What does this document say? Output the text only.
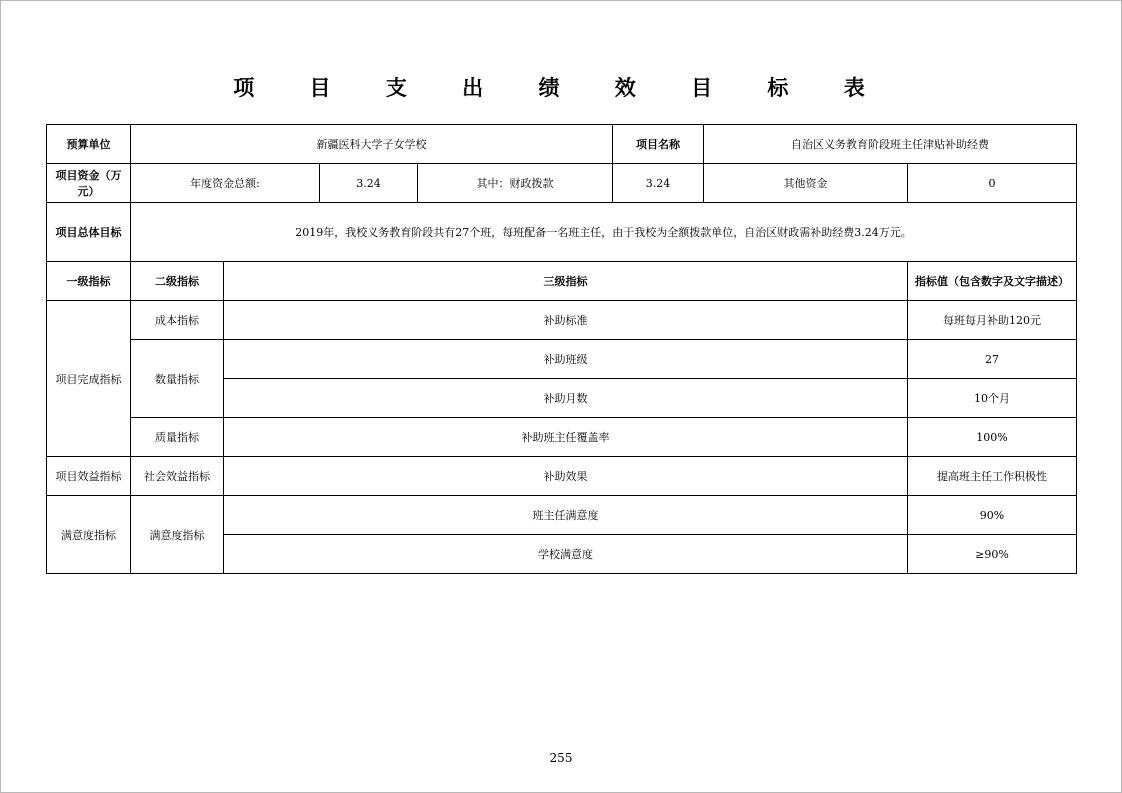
项 目 支 出 绩 效 目 标 表
预算单位	新疆医科大学子女学校				项目名称	自治区义务教育阶段班主任津贴补助经费	
项目资金（万元）	年度资金总额:		3.24	其中：财政拨款	3.24	其他资金	0
项目总体目标	2019年，我校义务教育阶段共有27个班，每班配备一名班主任，由于我校为全额拨款单位，自治区财政需补助经费3.24万元。						
一级指标	二级指标	三级指标					指标值（包含数字及文字描述）
项目完成指标	成本指标	补助标准					每班每月补助120元
	数量指标	补助班级					27
		补助月数					10个月
	质量指标	补助班主任覆盖率					100%
项目效益指标	社会效益指标	补助效果					提高班主任工作积极性
满意度指标	满意度指标	班主任满意度					90%
		学校满意度					≥90%
255
